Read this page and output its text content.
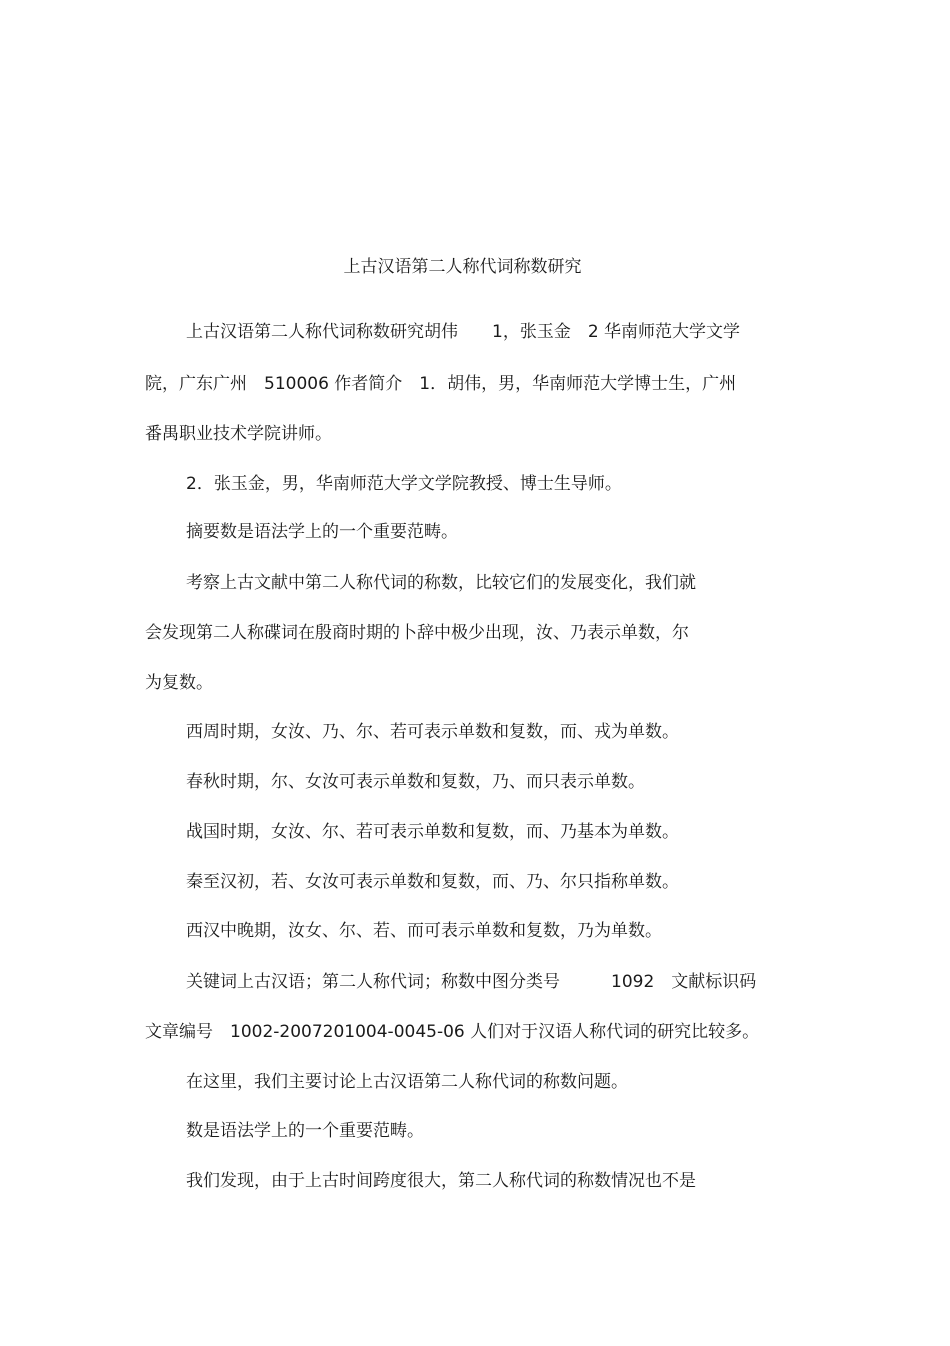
上古汉语第二人称代词称数研究
上古汉语第二人称代词称数研究胡伟　　1，张玉金　2 华南师范大学文学
院，广东广州　510006 作者简介　1．胡伟，男，华南师范大学博士生，广州
番禺职业技术学院讲师。
2．张玉金，男，华南师范大学文学院教授、博士生导师。
摘要数是语法学上的一个重要范畴。
考察上古文献中第二人称代词的称数，比较它们的发展变化，我们就
会发现第二人称碟词在殷商时期的卜辞中极少出现，汝、乃表示单数，尔
为复数。
西周时期，女汝、乃、尔、若可表示单数和复数，而、戎为单数。
春秋时期，尔、女汝可表示单数和复数，乃、而只表示单数。
战国时期，女汝、尔、若可表示单数和复数，而、乃基本为单数。
秦至汉初，若、女汝可表示单数和复数，而、乃、尔只指称单数。
西汉中晚期，汝女、尔、若、而可表示单数和复数，乃为单数。
关键词上古汉语；第二人称代词；称数中图分类号　　　1092　文献标识码
文章编号　1002-2007201004-0045-06 人们对于汉语人称代词的研究比较多。
在这里，我们主要讨论上古汉语第二人称代词的称数问题。
数是语法学上的一个重要范畴。
我们发现，由于上古时间跨度很大，第二人称代词的称数情况也不是
